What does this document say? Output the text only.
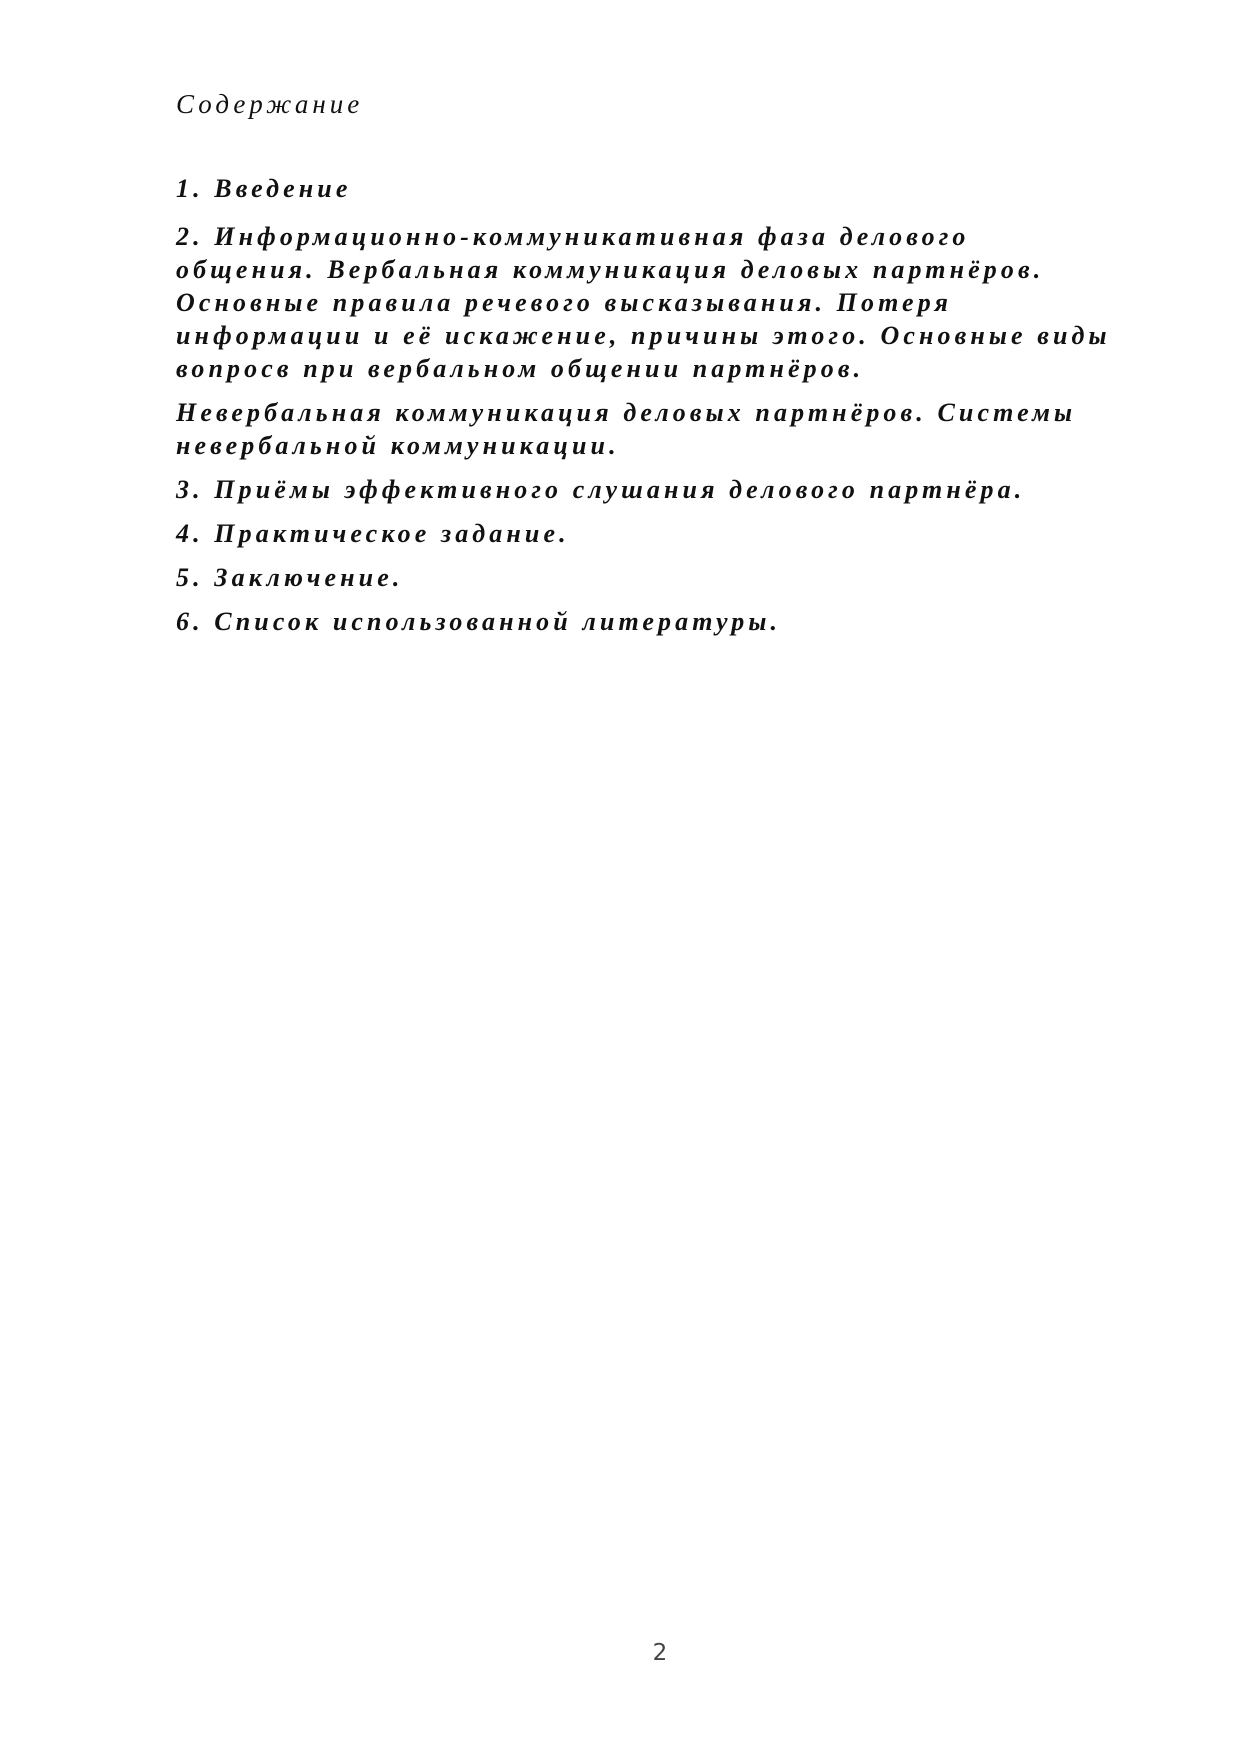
Содержание
1. Введение
2. Информационно-коммуникативная фаза делового
общения. Вербальная коммуникация деловых партнёров.
Основные правила речевого высказывания. Потеря
информации и её искажение, причины этого. Основные виды
вопросв при вербальном общении партнёров.
Невербальная коммуникация деловых партнёров. Системы
невербальной коммуникации.
3. Приёмы эффективного слушания делового партнёра.
4. Практическое задание.
5. Заключение.
6. Список использованной литературы.
2
